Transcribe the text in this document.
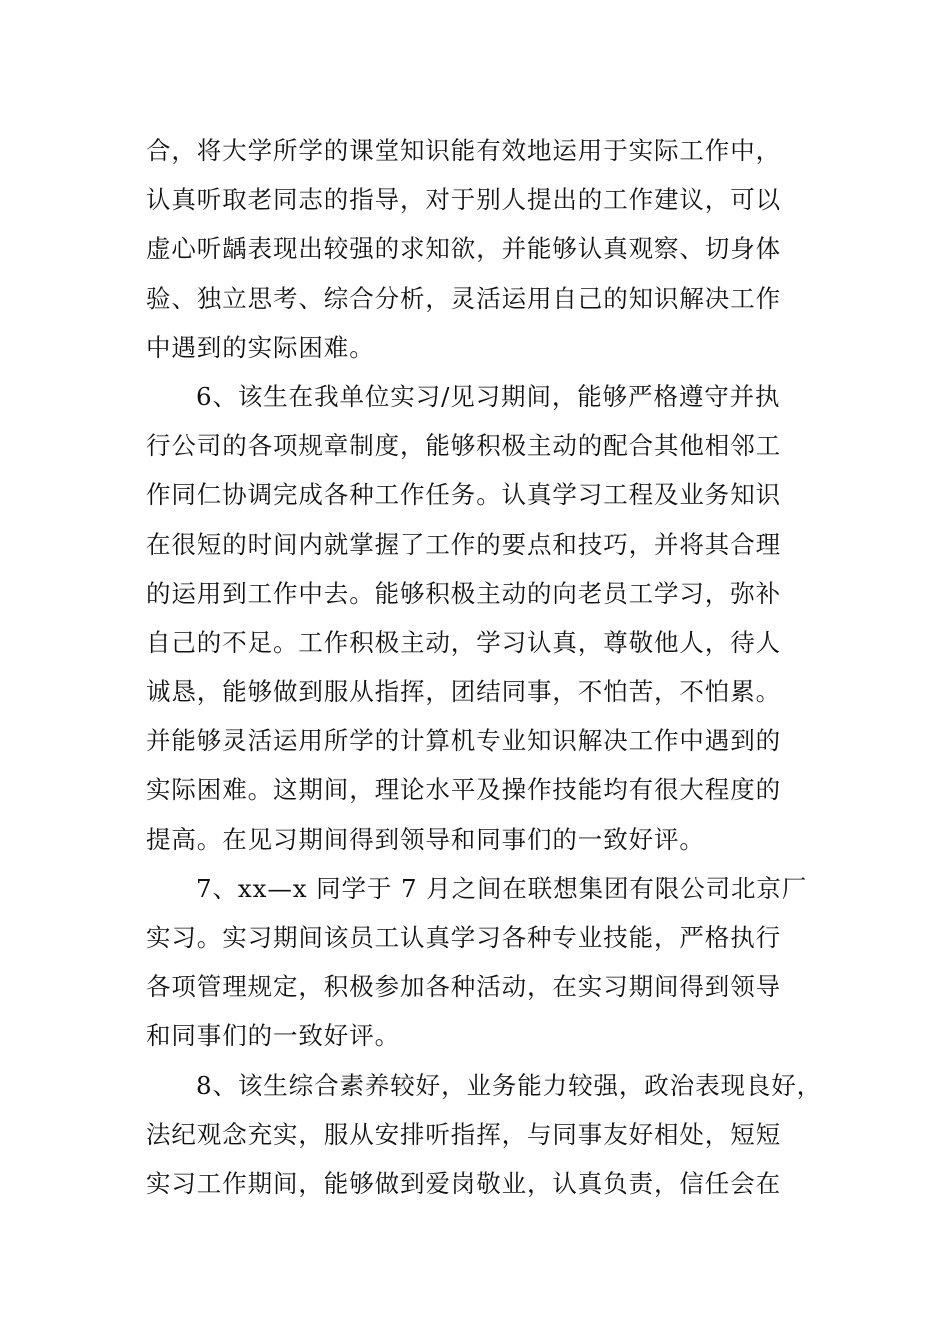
合，将大学所学的课堂知识能有效地运用于实际工作中，
认真听取老同志的指导，对于别人提出的工作建议，可以
虚心听龋表现出较强的求知欲，并能够认真观察、切身体
验、独立思考、综合分析，灵活运用自己的知识解决工作
中遇到的实际困难。
6、该生在我单位实习/见习期间，能够严格遵守并执
行公司的各项规章制度，能够积极主动的配合其他相邻工
作同仁协调完成各种工作任务。认真学习工程及业务知识
在很短的时间内就掌握了工作的要点和技巧，并将其合理
的运用到工作中去。能够积极主动的向老员工学习，弥补
自己的不足。工作积极主动，学习认真，尊敬他人，待人
诚恳，能够做到服从指挥，团结同事，不怕苦，不怕累。
并能够灵活运用所学的计算机专业知识解决工作中遇到的
实际困难。这期间，理论水平及操作技能均有很大程度的
提高。在见习期间得到领导和同事们的一致好评。
7、xx—x 同学于 7 月之间在联想集团有限公司北京厂
实习。实习期间该员工认真学习各种专业技能，严格执行
各项管理规定，积极参加各种活动，在实习期间得到领导
和同事们的一致好评。
8、该生综合素养较好，业务能力较强，政治表现良好，
法纪观念充实，服从安排听指挥，与同事友好相处，短短
实习工作期间，能够做到爱岗敬业，认真负责，信任会在
